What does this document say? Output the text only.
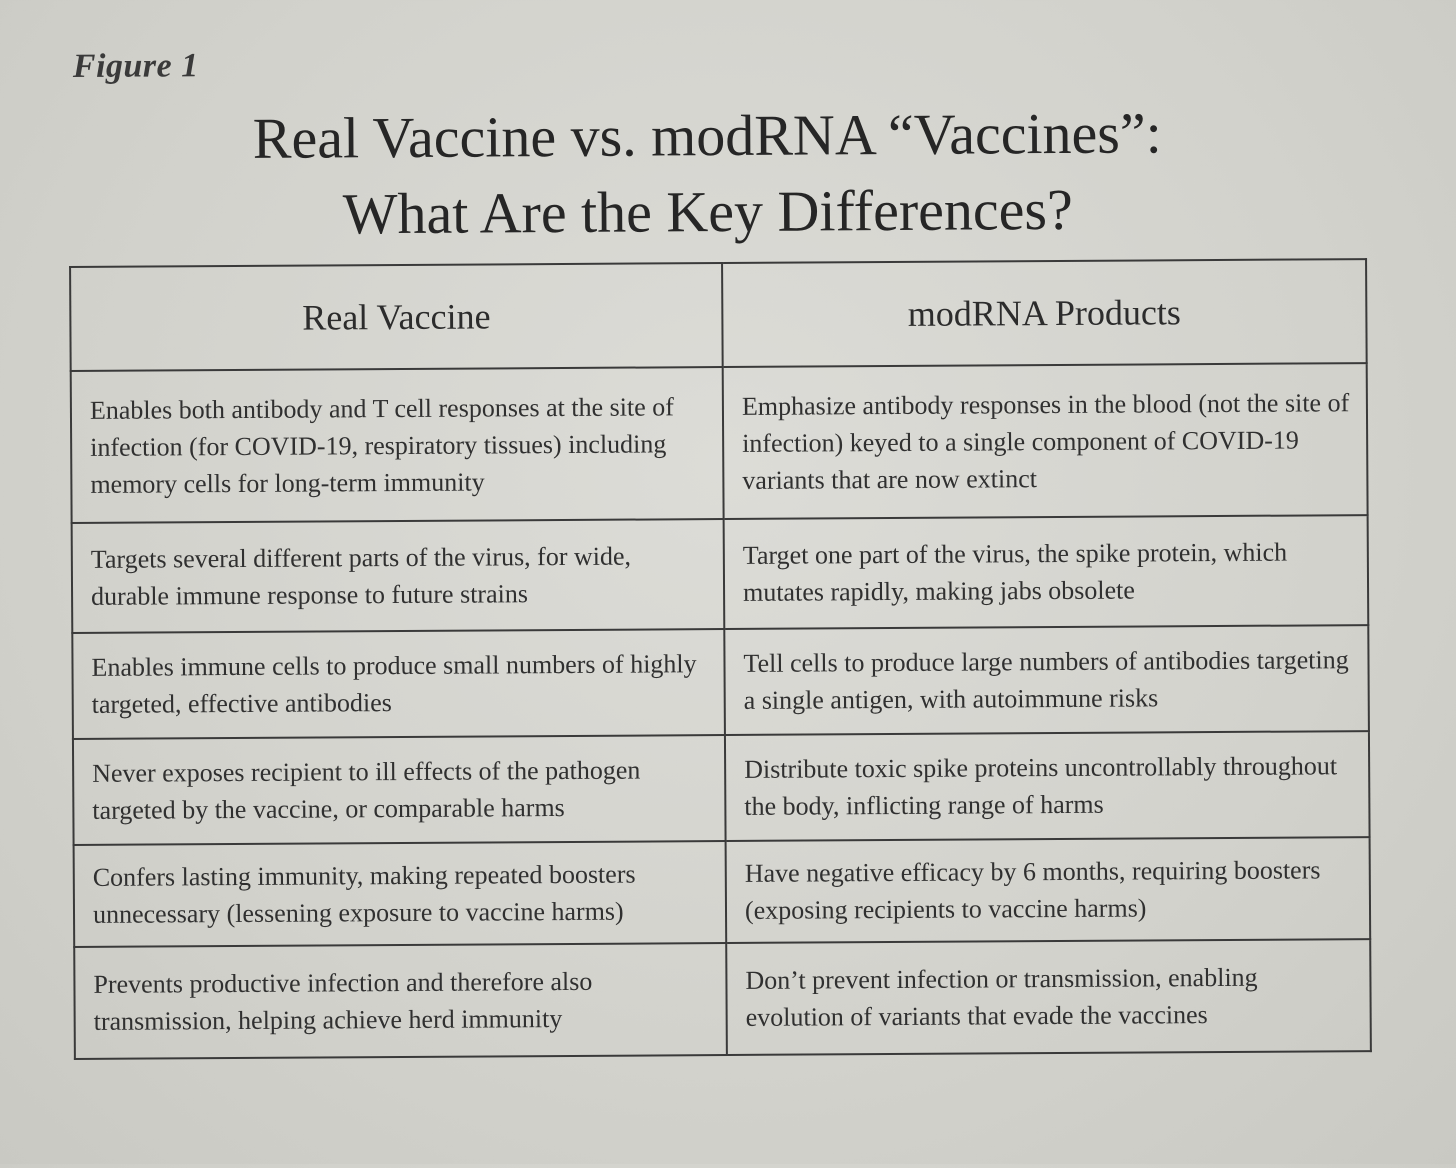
Figure 1
Real Vaccine vs. modRNA “Vaccines”:
What Are the Key Differences?
Real Vaccine	modRNA Products
Enables both antibody and T cell responses at the site of infection (for COVID-19, respiratory tissues) including memory cells for long-term immunity	Emphasize antibody responses in the blood (not the site of infection) keyed to a single component of COVID-19 variants that are now extinct
Targets several different parts of the virus, for wide, durable immune response to future strains	Target one part of the virus, the spike protein, which mutates rapidly, making jabs obsolete
Enables immune cells to produce small numbers of highly targeted, effective antibodies	Tell cells to produce large numbers of antibodies targeting a single antigen, with autoimmune risks
Never exposes recipient to ill effects of the pathogen targeted by the vaccine, or comparable harms	Distribute toxic spike proteins uncontrollably throughout the body, inflicting range of harms
Confers lasting immunity, making repeated boosters unnecessary (lessening exposure to vaccine harms)	Have negative efficacy by 6 months, requiring boosters (exposing recipients to vaccine harms)
Prevents productive infection and therefore also transmission, helping achieve herd immunity	Don’t prevent infection or transmission, enabling evolution of variants that evade the vaccines
